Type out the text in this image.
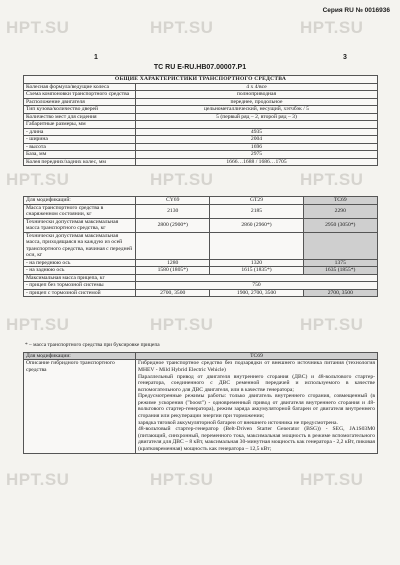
HPT.SU	HPT.SU	HPT.SU
HPT.SU	HPT.SU	HPT.SU
HPT.SU	HPT.SU	HPT.SU
HPT.SU	HPT.SU	HPT.SU
Серия RU № 0016936
1	3
TC RU E-RU.HB07.00007.P1
ОБЩИЕ ХАРАКТЕРИСТИКИ ТРАНСПОРТНОГО СРЕДСТВА	
Колесная формула/ведущие колеса	4 х 4/все
Схема компоновки транспортного средства	полноприводная
Расположение двигателя	переднее, продольное
Тип кузова/количество дверей	цельнометаллический, несущий, хэтчбэк / 5
Количество мест для сидения	5 (первый ряд – 2, второй ряд – 3)
Габаритные размеры, мм	
- длина	4935
- ширина	2004
- высота	1696
База, мм	2975
Колея передних/задних колес, мм	1666…1688 / 1686…1705
Для модификаций:	CY69	GT29	TC69
Масса транспортного средства в снаряженном состоянии, кг	2130	2185	2290
Технически допустимая максимальная масса транспортного средства, кг	2800 (2900*)	2860 (2960*)	2950 (3050*)
Технически допустимая максимальная масса, приходящаяся на каждую из осей транспортного средства, начиная с передней оси, кг			
- на переднюю ось	1280	1320	1375
- на заднюю ось	1580 (1805*)	1615 (1835*)	1635 (1855*)
Максимальная масса прицепа, кг			
- прицеп без тормозной системы	750		
- прицеп с тормозной системой	2700, 3500	1900, 2700, 3500	2700, 3500
* – масса транспортного средства при буксировке прицепа
Для модификации:	TC69
Описание гибридного транспортного средства	Гибридное транспортное средство без подзарядки от внешнего источника питания (технология MHEV - Mild Hybrid Electric Vehicle)
Параллельный привод от двигателя внутреннего сгорания (ДВС) и 48-вольтового стартер-генератора, соединенного с ДВС ременной передачей и используемого в качестве вспомогательного для ДВС двигателя, или в качестве генератора;
Предусмотренные режимы работы: только двигатель внутреннего сгорания, совмещенный (в режиме ускорения ("boost") - одновременный привод от двигателя внутреннего сгорания и 48-вольтового стартер-генератора), режим заряда аккумуляторной батареи от двигателя внутреннего сгорания или рекуперации энергии при торможении;
зарядка тяговой аккумуляторной батареи от внешнего источника не предусмотрена.
48-вольтовый стартер-генератор (Belt-Driven Starter Generator (BSG)) - SEG, JA1S03M0 (питающий, синхронный, переменного тока, максимальная мощность в режиме вспомогательного двигателя для ДВС – 8 кВт, максимальная 30-минутная мощность как генератора - 2,2 кВт, пиковая (кратковременная) мощность как генератора – 12,5 кВт;
